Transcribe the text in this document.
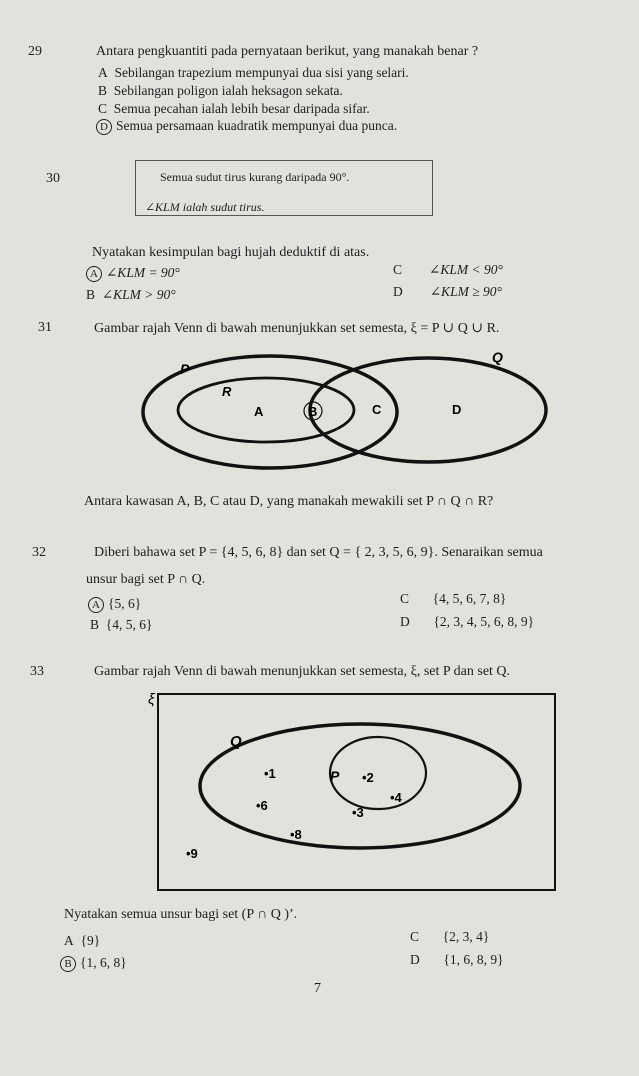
29	Antara pengkuantiti pada pernyataan berikut, yang manakah benar ?
A Sebilangan trapezium mempunyai dua sisi yang selari.
B Sebilangan poligon ialah heksagon sekata.
C Semua pecahan ialah lebih besar daripada sifar.
D Semua persamaan kuadratik mempunyai dua punca.
30	Semua sudut tirus kurang daripada 90°.
∠KLM ialah sudut tirus.
Nyatakan kesimpulan bagi hujah deduktif di atas.
A ∠KLM = 90°
B ∠KLM > 90°
C ∠KLM < 90°
D ∠KLM ≥ 90°
31	Gambar rajah Venn di bawah menunjukkan set semesta, ξ = P ∪ Q ∪ R.
P
Q
R
A	B	C	D
Antara kawasan A, B, C atau D, yang manakah mewakili set P ∩ Q ∩ R?
32	Diberi bahawa set P = {4, 5, 6, 8} dan set Q = { 2, 3, 5, 6, 9}. Senaraikan semua
unsur bagi set P ∩ Q.
A {5, 6}
B {4, 5, 6}
C {4, 5, 6, 7, 8}
D {2, 3, 4, 5, 6, 8, 9}
33	Gambar rajah Venn di bawah menunjukkan set semesta, ξ, set P dan set Q.
ξ
Q
P
•1	•2
•4
•3
•6
•8
•9
Nyatakan semua unsur bagi set (P ∩ Q )’.
A {9}
B {1, 6, 8}
C {2, 3, 4}
D {1, 6, 8, 9}
7
